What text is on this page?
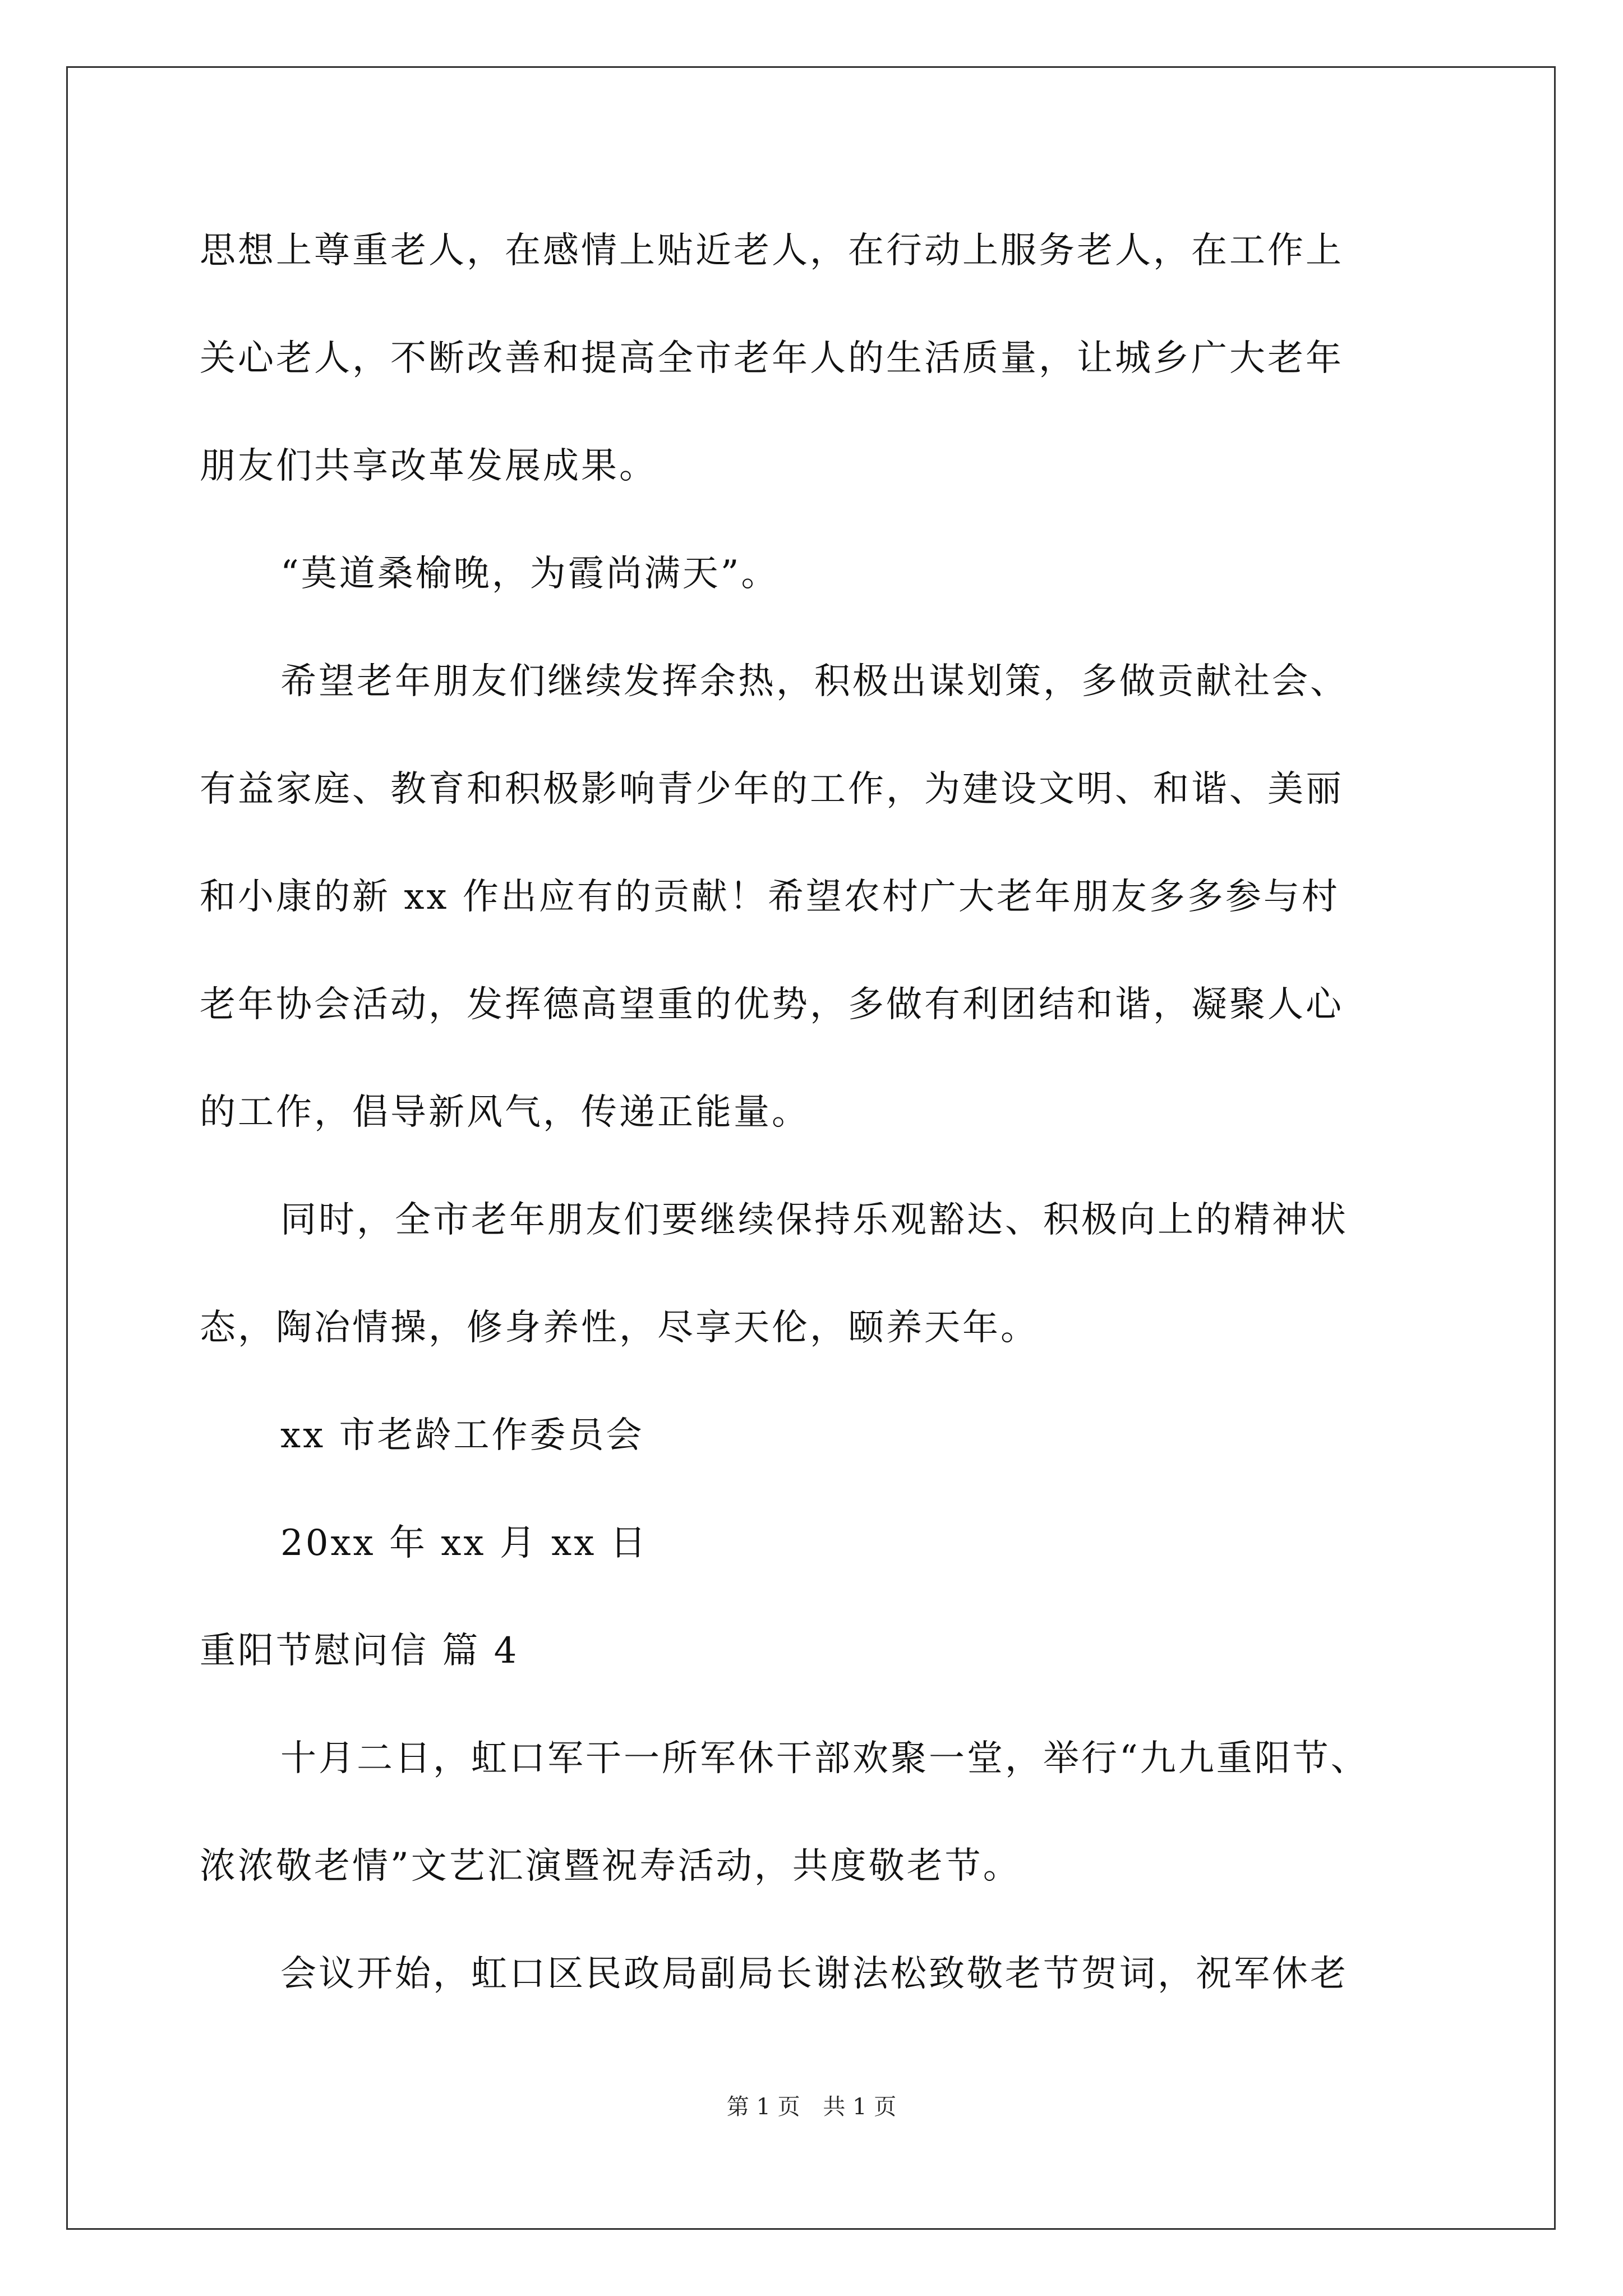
思想上尊重老人，在感情上贴近老人，在行动上服务老人，在工作上
关心老人，不断改善和提高全市老年人的生活质量，让城乡广大老年
朋友们共享改革发展成果。
“莫道桑榆晚，为霞尚满天”。
希望老年朋友们继续发挥余热，积极出谋划策，多做贡献社会、
有益家庭、教育和积极影响青少年的工作，为建设文明、和谐、美丽
和小康的新 xx 作出应有的贡献！希望农村广大老年朋友多多参与村
老年协会活动，发挥德高望重的优势，多做有利团结和谐，凝聚人心
的工作，倡导新风气，传递正能量。
同时，全市老年朋友们要继续保持乐观豁达、积极向上的精神状
态，陶冶情操，修身养性，尽享天伦，颐养天年。
xx 市老龄工作委员会
20xx 年 xx 月 xx 日
重阳节慰问信 篇 4
十月二日，虹口军干一所军休干部欢聚一堂，举行“九九重阳节、
浓浓敬老情”文艺汇演暨祝寿活动，共度敬老节。
会议开始，虹口区民政局副局长谢法松致敬老节贺词，祝军休老
第 1 页 共 1 页
